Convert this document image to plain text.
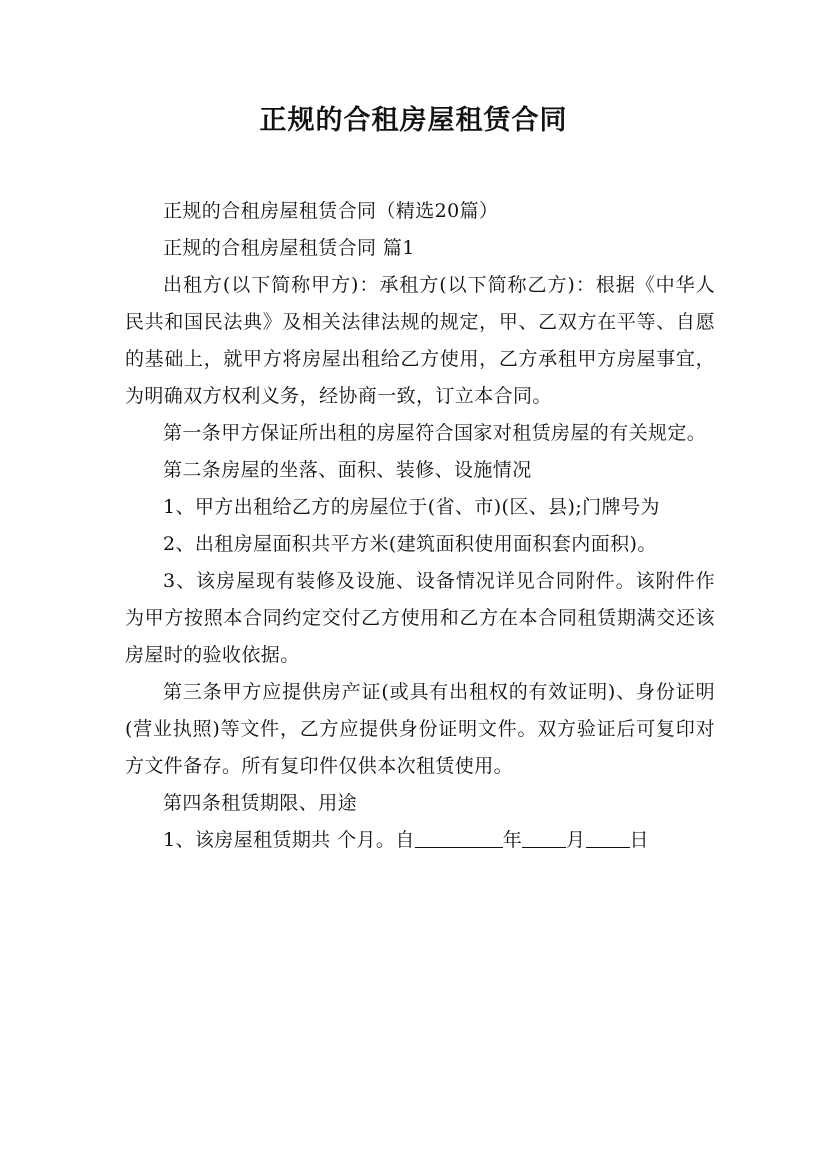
正规的合租房屋租赁合同

正规的合租房屋租赁合同（精选20篇）

正规的合租房屋租赁合同 篇1

出租方(以下简称甲方)：承租方(以下简称乙方)：根据《中华人民共和国民法典》及相关法律法规的规定，甲、乙双方在平等、自愿的基础上，就甲方将房屋出租给乙方使用，乙方承租甲方房屋事宜，为明确双方权利义务，经协商一致，订立本合同。

第一条甲方保证所出租的房屋符合国家对租赁房屋的有关规定。

第二条房屋的坐落、面积、装修、设施情况

1、甲方出租给乙方的房屋位于(省、市)(区、县);门牌号为

2、出租房屋面积共平方米(建筑面积使用面积套内面积)。

3、该房屋现有装修及设施、设备情况详见合同附件。该附件作为甲方按照本合同约定交付乙方使用和乙方在本合同租赁期满交还该房屋时的验收依据。

第三条甲方应提供房产证(或具有出租权的有效证明)、身份证明(营业执照)等文件，乙方应提供身份证明文件。双方验证后可复印对方文件备存。所有复印件仅供本次租赁使用。

第四条租赁期限、用途

1、该房屋租赁期共 个月。自	年 月 日
